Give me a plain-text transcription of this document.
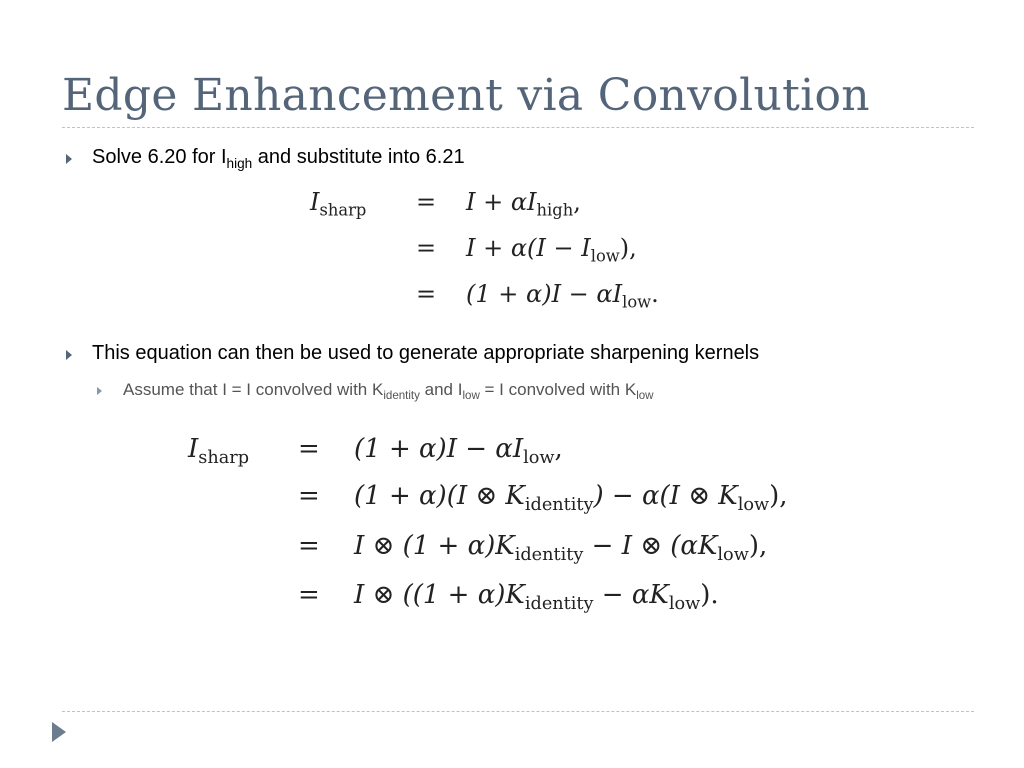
Edge Enhancement via Convolution
Solve 6.20 for $I_{high}$ and substitute into 6.21
$I_{sharp} = I + \alpha I_{high}$,
= $I + \alpha(I - I_{low})$,
= $(1 + \alpha)I - \alpha I_{low}$.
This equation can then be used to generate appropriate sharpening kernels
Assume that I = I convolved with $K_{identity}$ and $I_{low} = I$ convolved with $K_{low}$
$I_{sharp} = (1 + \alpha)I - \alpha I_{low}$,
= (1 + α)(I ⊗ $K_{identity}) - \alpha(I$ ⊗ $K_{low}$),
= I ⊗ $(1 + \alpha)K_{identity} - I$ ⊗ $(\alpha K_{low})$,
= I ⊗ $((1 + \alpha)K_{identity} - \alpha K_{low})$.
